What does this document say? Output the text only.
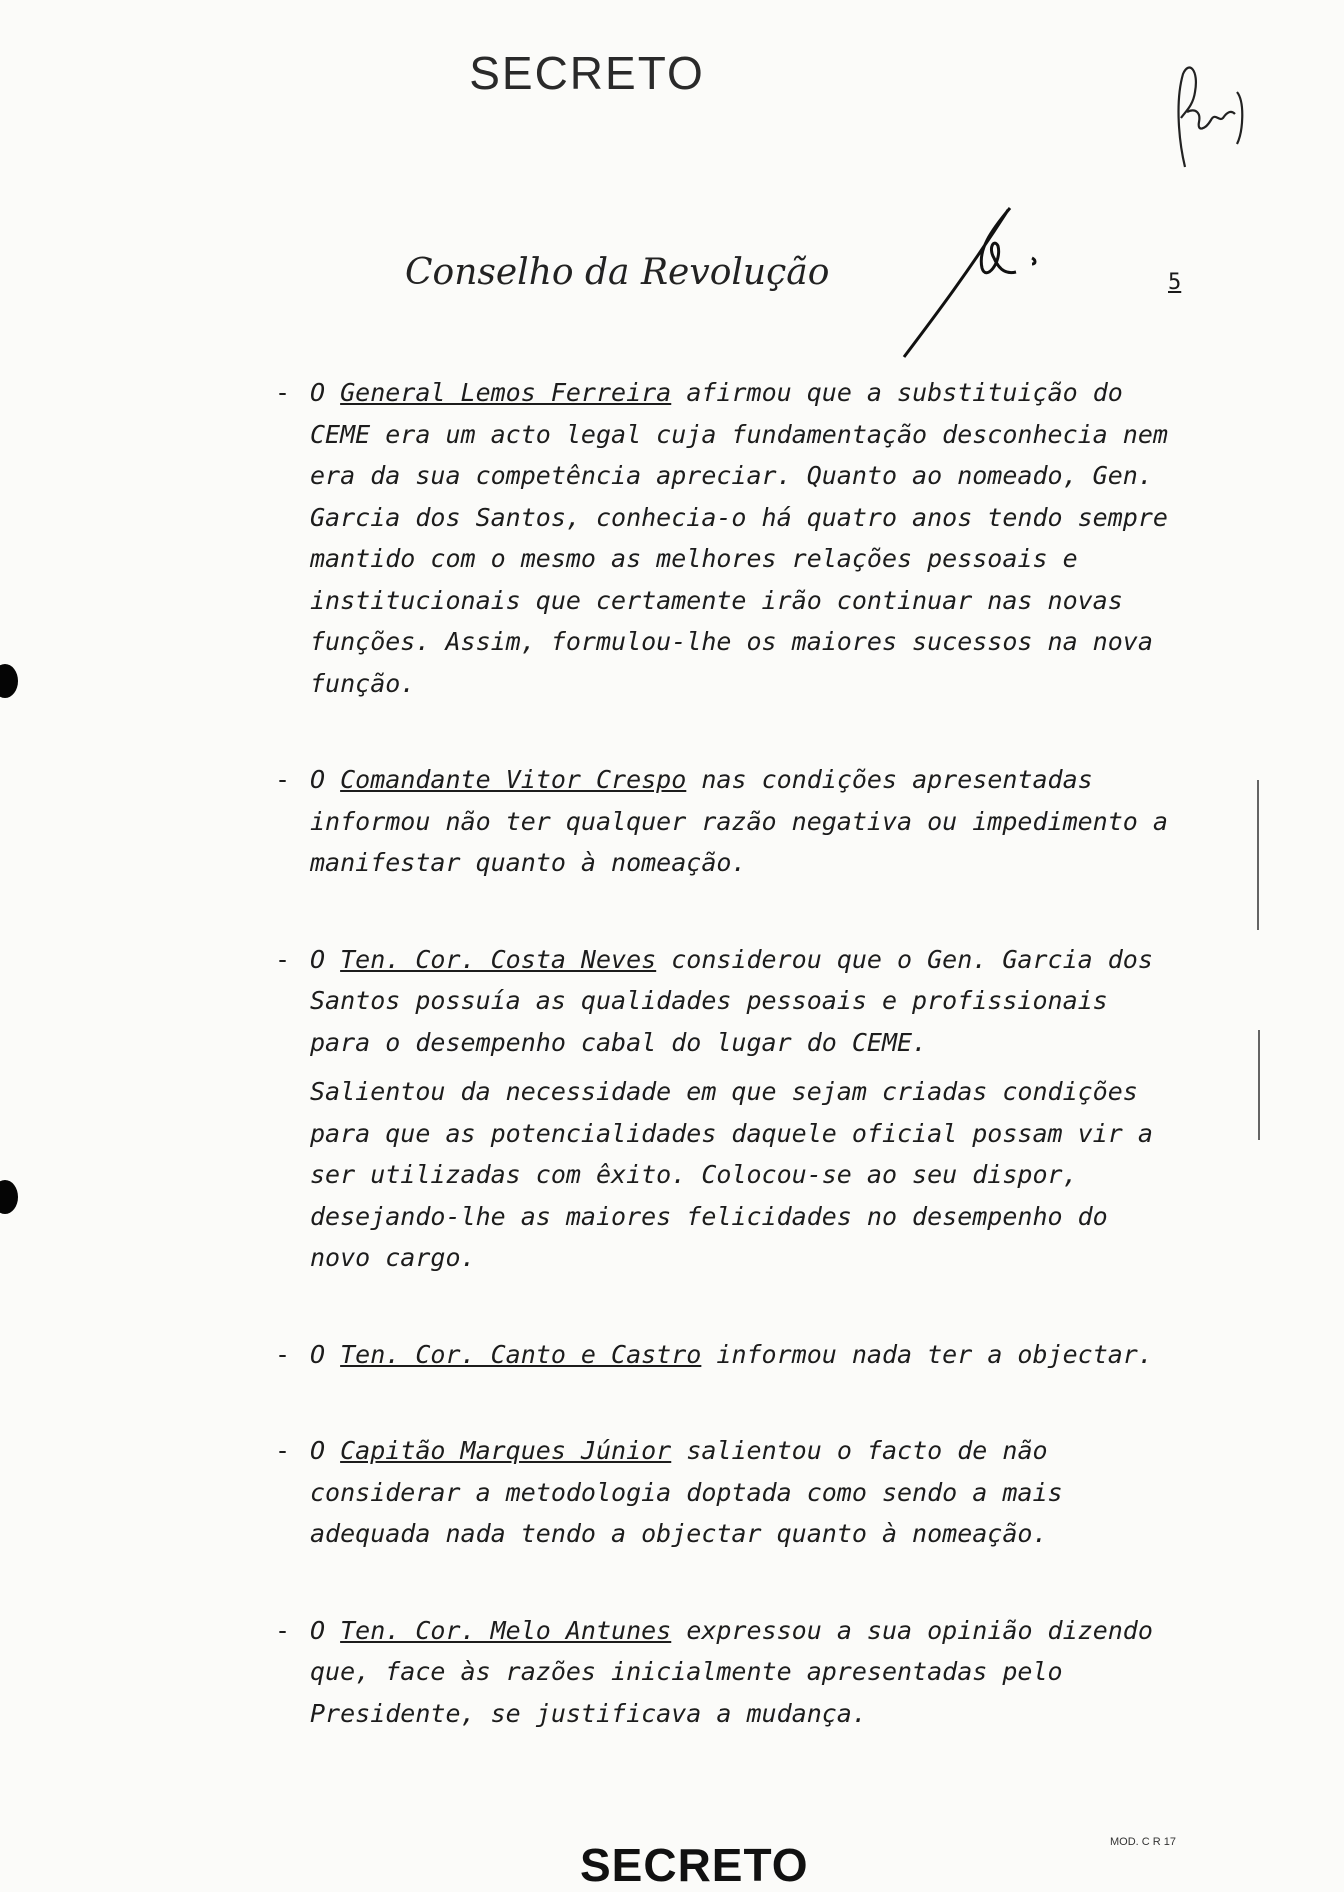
SECRETO
Conselho da Revolução	5
- O General Lemos Ferreira afirmou que a substituição do CEME era um acto legal cuja fundamentação desconhecia nem era da sua competência apreciar. Quanto ao nomeado, Gen. Garcia dos Santos, conhecia-o há quatro anos tendo sempre mantido com o mesmo as melhores relações pessoais e institucionais que certamente irão continuar nas novas funções. Assim, formulou-lhe os maiores sucessos na nova função.

- O Comandante Vitor Crespo nas condições apresentadas informou não ter qualquer razão negativa ou impedimento a manifestar quanto à nomeação.

- O Ten. Cor. Costa Neves considerou que o Gen. Garcia dos Santos possuía as qualidades pessoais e profissionais para o desempenho cabal do lugar do CEME.

Salientou da necessidade em que sejam criadas condições para que as potencialidades daquele oficial possam vir a ser utilizadas com êxito. Colocou-se ao seu dispor, desejando-lhe as maiores felicidades no desempenho do novo cargo.

- O Ten. Cor. Canto e Castro informou nada ter a objectar.

- O Capitão Marques Júnior salientou o facto de não considerar a metodologia doptada como sendo a mais adequada nada tendo a objectar quanto à nomeação.

- O Ten. Cor. Melo Antunes expressou a sua opinião dizendo que, face às razões inicialmente apresentadas pelo Presidente, se justificava a mudança.

MOD. C R 17
SECRETO
